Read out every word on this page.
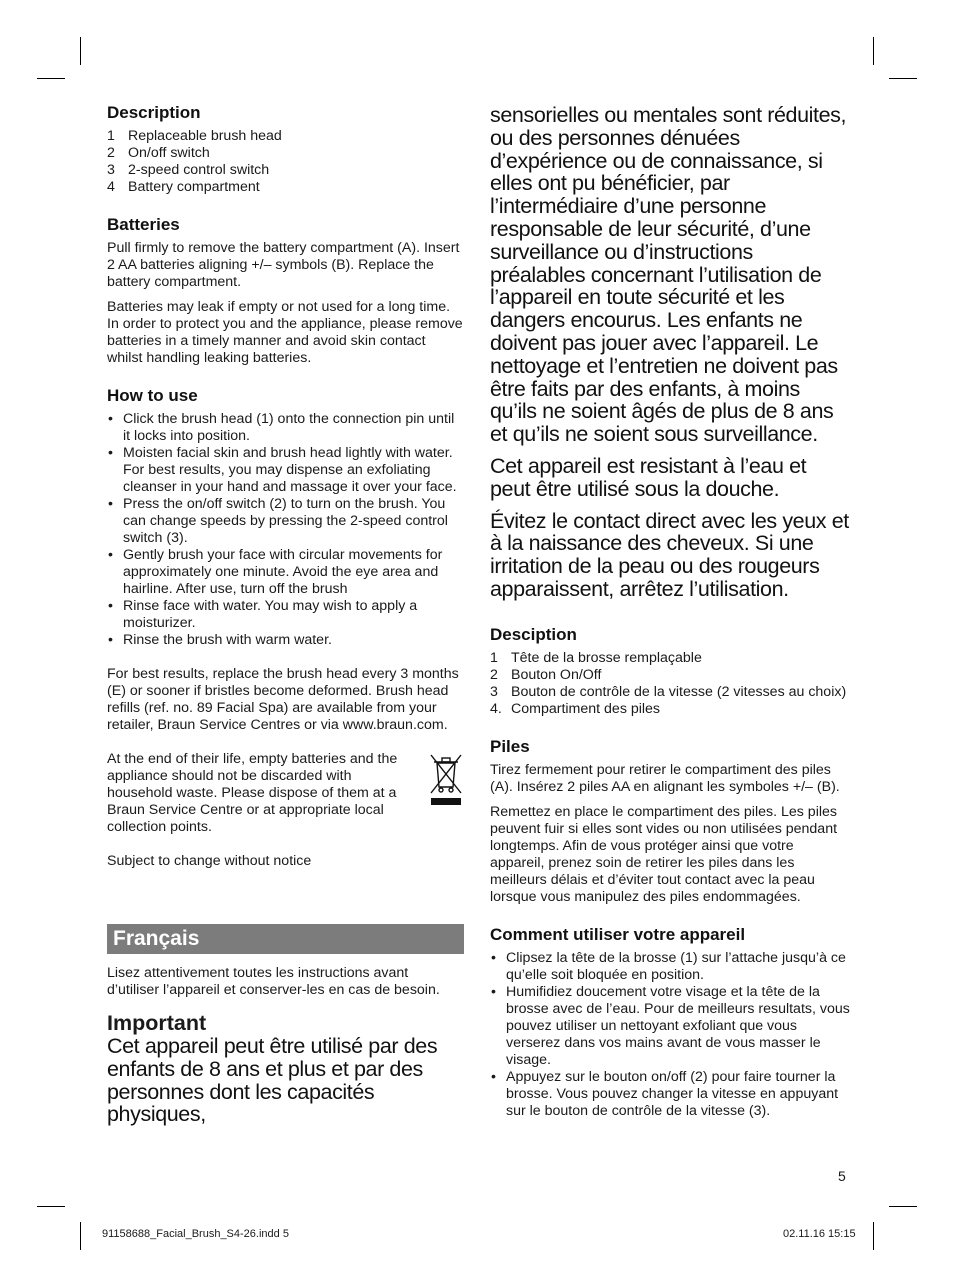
Description
1 Replaceable brush head
2 On/off switch
3 2-speed control switch
4 Battery compartment
Batteries

Pull firmly to remove the battery compartment (A). Insert 2 AA batteries aligning +/– symbols (B). Replace the battery compartment.

Batteries may leak if empty or not used for a long time. In order to protect you and the appliance, please remove batteries in a timely manner and avoid skin contact whilst handling leaking batteries.

How to use
• Click the brush head (1) onto the connection pin until it locks into position.
• Moisten facial skin and brush head lightly with water. For best results, you may dispense an exfoliating cleanser in your hand and massage it over your face.
• Press the on/off switch (2) to turn on the brush. You can change speeds by pressing the 2-speed control switch (3).
• Gently brush your face with circular movements for approximately one minute. Avoid the eye area and hairline. After use, turn off the brush
• Rinse face with water. You may wish to apply a moisturizer.
• Rinse the brush with warm water.

For best results, replace the brush head every 3 months (E) or sooner if bristles become deformed. Brush head refills (ref. no. 89 Facial Spa) are available from your retailer, Braun Service Centres or via www.braun.com.

At the end of their life, empty batteries and the appliance should not be discarded with household waste. Please dispose of them at a Braun Service Centre or at appropriate local collection points.

Subject to change without notice

Français
Lisez attentivement toutes les instructions avant d’utiliser l’appareil et conserver-les en cas de besoin.
Important
Cet appareil peut être utilisé par des enfants de 8 ans et plus et par des personnes dont les capacités physiques,

sensorielles ou mentales sont réduites, ou des personnes dénuées d’expérience ou de connaissance, si elles ont pu bénéficier, par l’intermédiaire d’une personne responsable de leur sécurité, d’une surveillance ou d’instructions préalables concernant l’utilisation de l’appareil en toute sécurité et les dangers encourus. Les enfants ne doivent pas jouer avec l’appareil. Le nettoyage et l’entretien ne doivent pas être faits par des enfants, à moins qu’ils ne soient âgés de plus de 8 ans et qu’ils ne soient sous surveillance.

Cet appareil est resistant à l’eau et peut être utilisé sous la douche.

Évitez le contact direct avec les yeux et à la naissance des cheveux. Si une irritation de la peau ou des rougeurs apparaissent, arrêtez l’utilisation.

Desciption
1 Tête de la brosse remplaçable
2 Bouton On/Off
3 Bouton de contrôle de la vitesse (2 vitesses au choix)
4. Compartiment des piles
Piles

Tirez fermement pour retirer le compartiment des piles (A). Insérez 2 piles AA en alignant les symboles +/– (B).

Remettez en place le compartiment des piles. Les piles peuvent fuir si elles sont vides ou non utilisées pendant longtemps. Afin de vous protéger ainsi que votre appareil, prenez soin de retirer les piles dans les meilleurs délais et d’éviter tout contact avec la peau lorsque vous manipulez des piles endommagées.

Comment utiliser votre appareil
• Clipsez la tête de la brosse (1) sur l’attache jusqu’à ce qu’elle soit bloquée en position.
• Humifidiez doucement votre visage et la tête de la brosse avec de l’eau. Pour de meilleurs resultats, vous pouvez utiliser un nettoyant exfoliant que vous verserez dans vos mains avant de vous masser le visage.
• Appuyez sur le bouton on/off (2) pour faire tourner la brosse. Vous pouvez changer la vitesse en appuyant sur le bouton de contrôle de la vitesse (3).
5
91158688_Facial_Brush_S4-26.indd 5	02.11.16 15:15
